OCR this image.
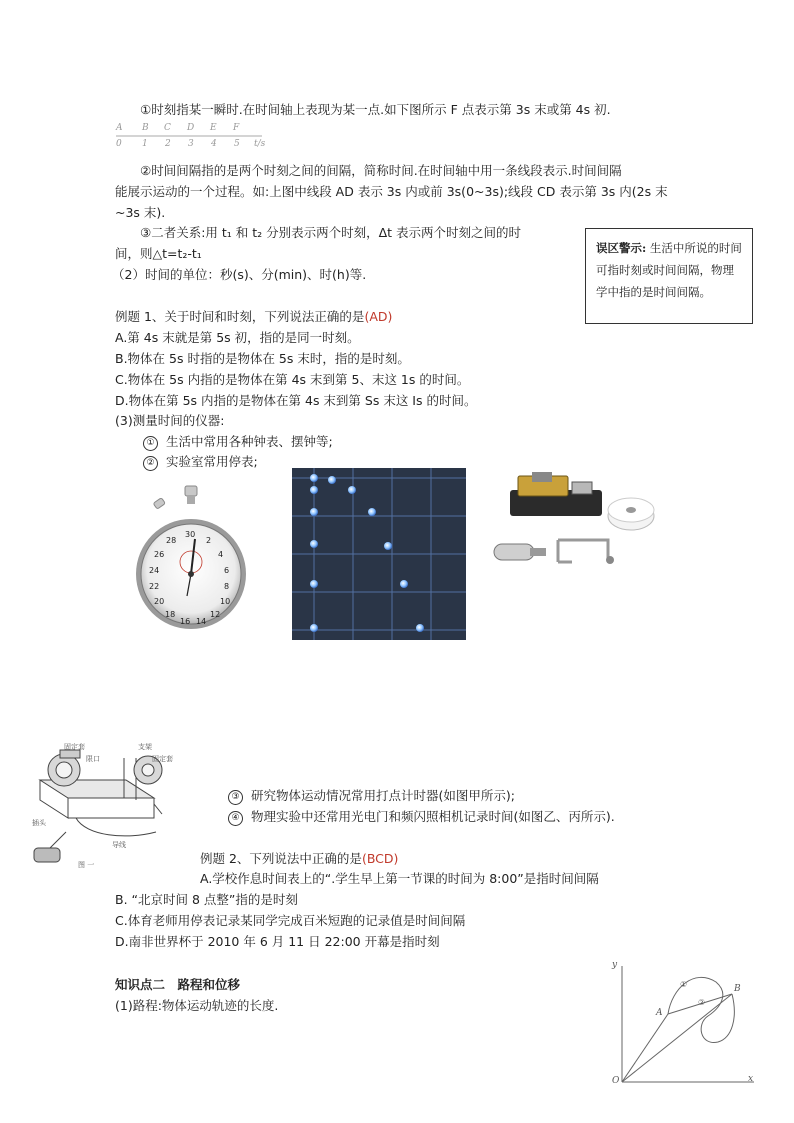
①时刻指某一瞬时.在时间轴上表现为某一点.如下图所示 F 点表示第 3s 末或第 4s 初.
A B C D E F
0 1 2 3 4 5 t/s
②时间间隔指的是两个时刻之间的间隔，简称时间.在时间轴中用一条线段表示.时间间隔
能展示运动的一个过程。如:上图中线段 AD 表示 3s 内或前 3s(0~3s);线段 CD 表示第 3s 内(2s 末
~3s 末).
③二者关系:用 t₁ 和 t₂ 分别表示两个时刻，Δt 表示两个时刻之间的时
间，则△t=t₂-t₁
（2）时间的单位：秒(s)、分(min)、时(h)等.
误区警示: 生活中所说的时间可指时刻或时间间隔，物理学中指的是时间间隔。
例题 1、关于时间和时刻，下列说法正确的是(AD)
A.第 4s 末就是第 5s 初，指的是同一时刻。
B.物体在 5s 时指的是物体在 5s 末时，指的是时刻。
C.物体在 5s 内指的是物体在第 4s 末到第 5、末这 1s 的时间。
D.物体在第 5s 内指的是物体在第 4s 末到第 Ss 末这 Is 的时间。
(3)测量时间的仪器:
① 生活中常用各种钟表、摆钟等;
② 实验室常用停表;
30
2
4
6
8
10
12
14
16
18
20
22
24
26
28
固定套	支架
固定套
限口
插头
导线
图 一
③ 研究物体运动情况常用打点计时器(如图甲所示);
④ 物理实验中还常用光电门和频闪照相机记录时间(如图乙、丙所示).
例题 2、下列说法中正确的是(BCD)
A.学校作息时间表上的“.学生早上第一节课的时间为 8:00”是指时间间隔
B. “北京时间 8 点整”指的是时刻
C.体育老师用停表记录某同学完成百米短跑的记录值是时间间隔
D.南非世界杯于 2010 年 6 月 11 日 22:00 开幕是指时刻
知识点二　路程和位移
(1)路程:物体运动轨迹的长度.
y
x
O
A
B
①
②
